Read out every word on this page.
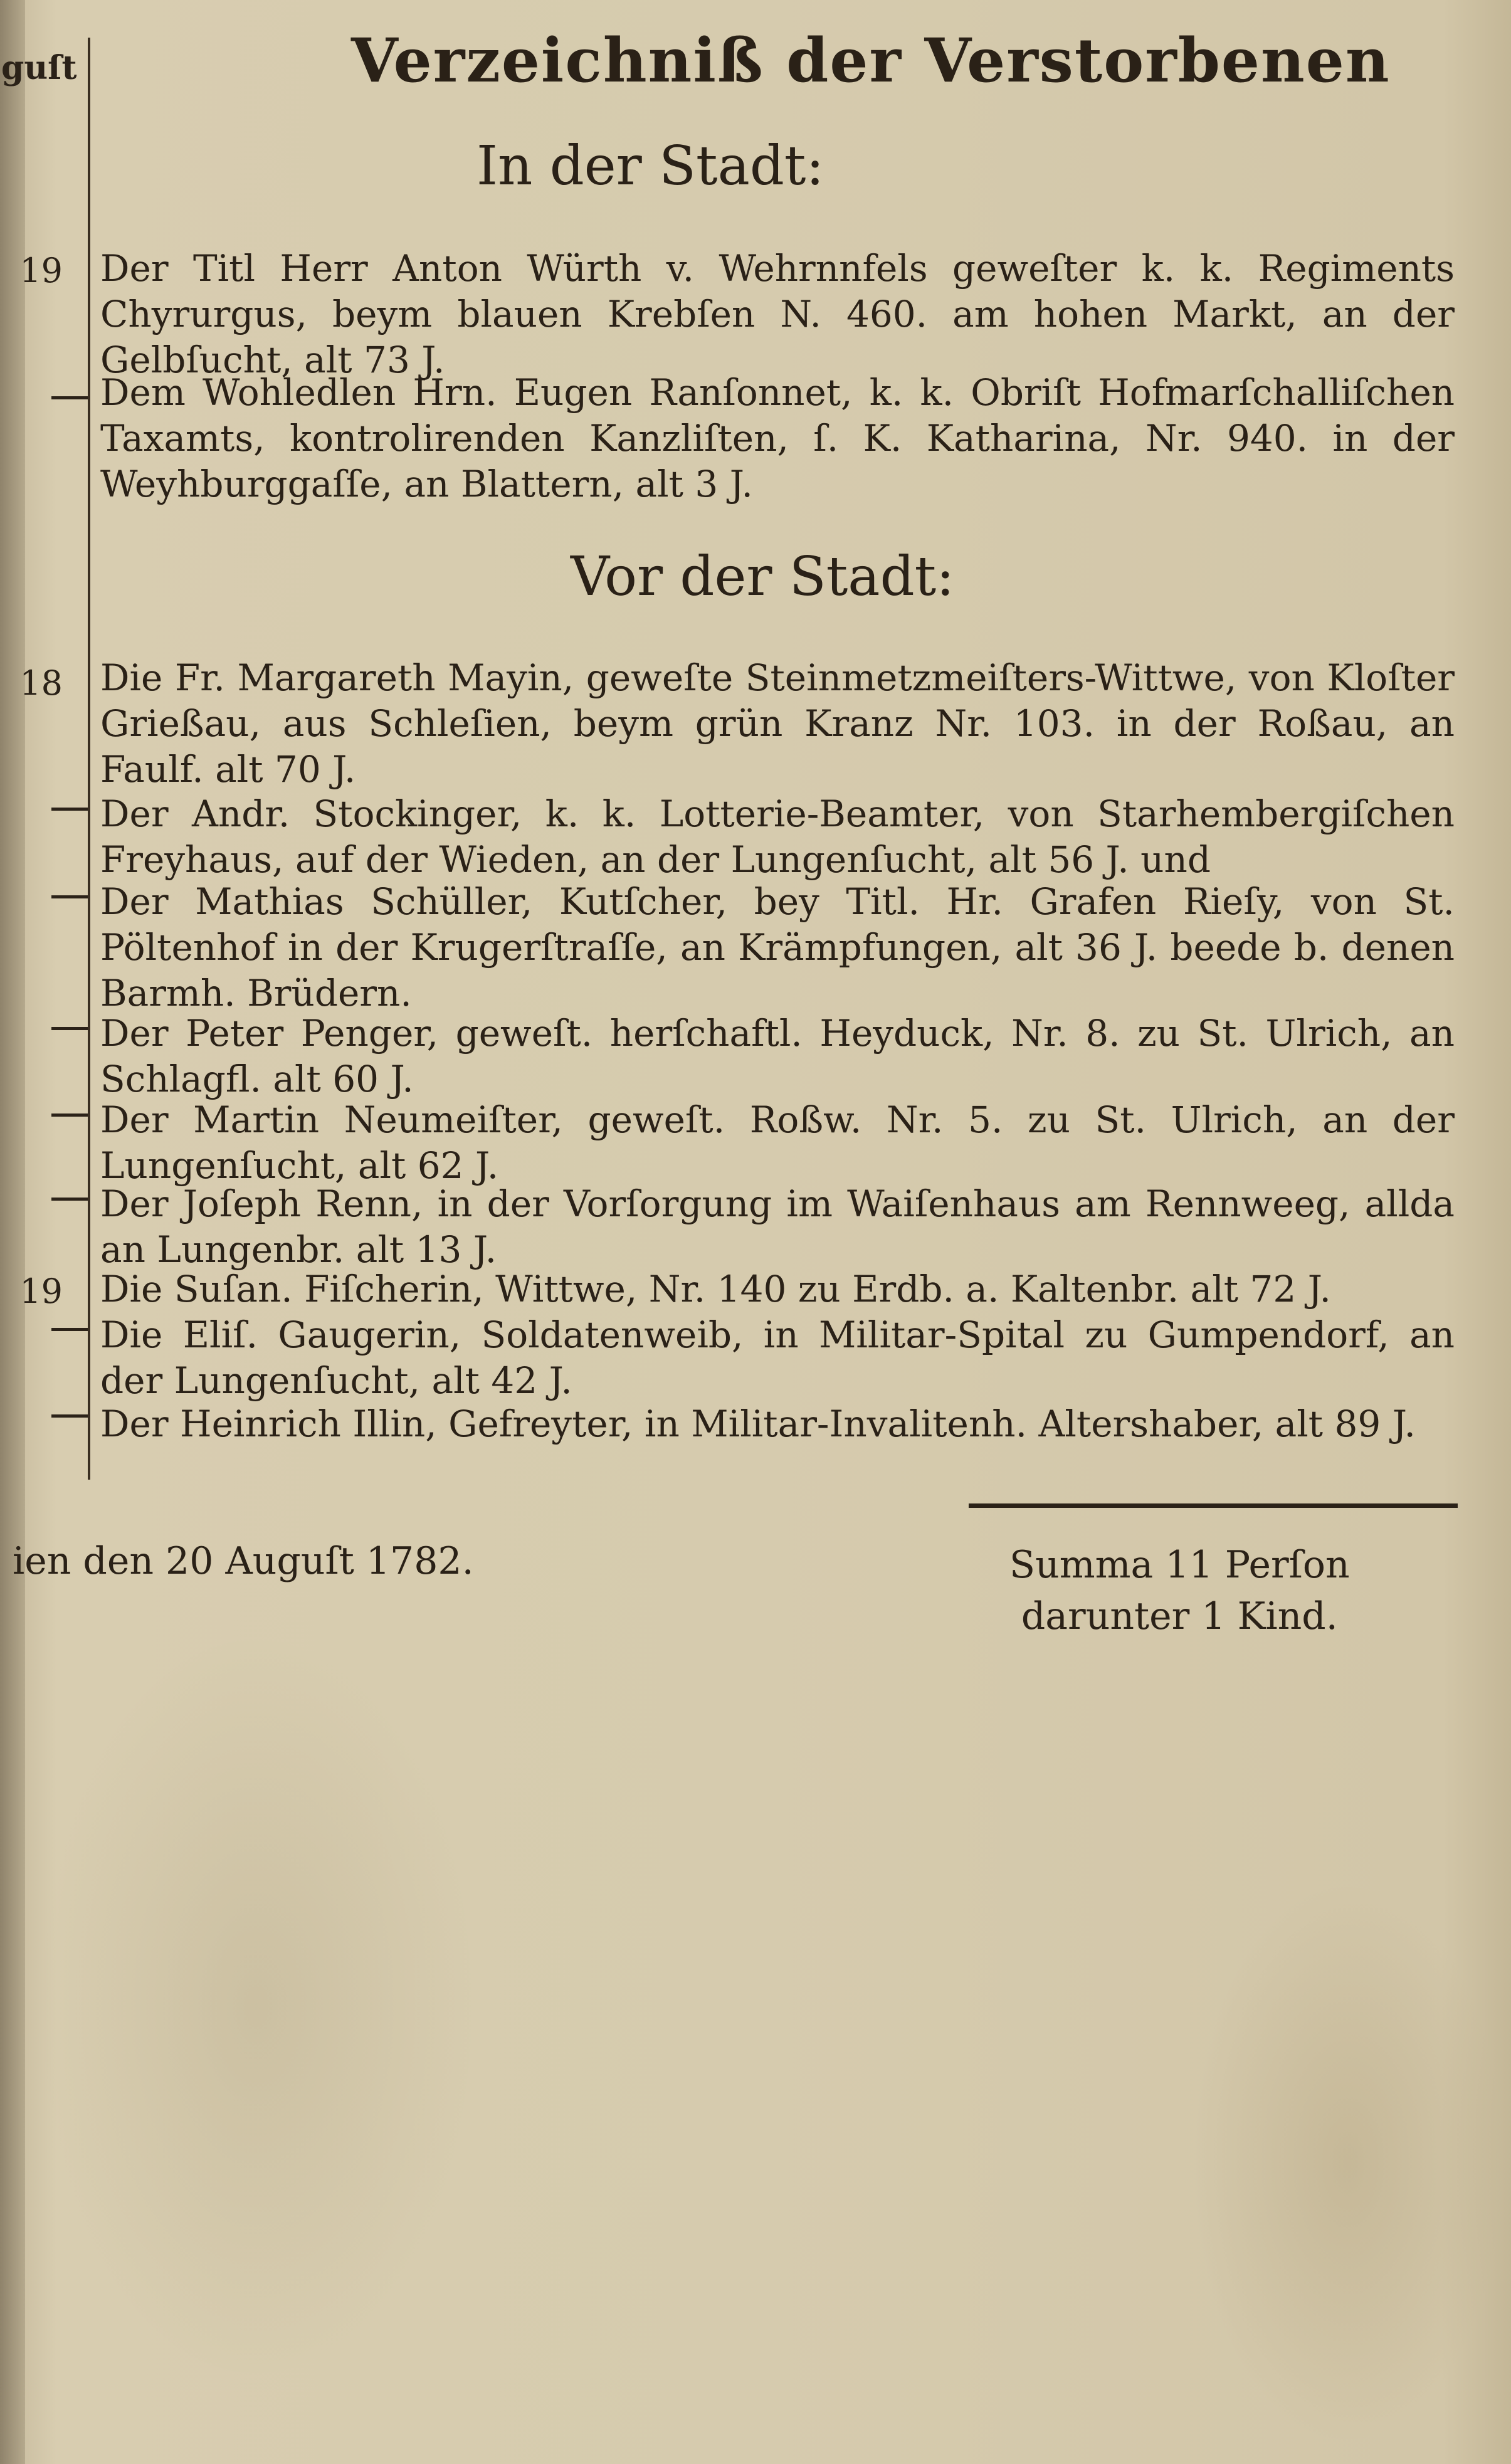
guſt	Verzeichniß der Verstorbenen
In der Stadt:
19 Der Titl Herr Anton Würth v. Wehrnnfels geweſter k. k. Regiments Chyrurgus, beym blauen Krebſen N. 460. am hohen Markt, an der Gelbſucht, alt 73 J.
Dem Wohledlen Hrn. Eugen Ranſonnet, k. k. Obriſt Hofmarſchalliſchen Taxamts, kontrolirenden Kanzliſten, ſ. K. Katharina, Nr. 940. in der Weyhburggaſſe, an Blattern, alt 3 J.
Vor der Stadt:
18 Die Fr. Margareth Mayin, geweſte Steinmetzmeiſters-Wittwe, von Kloſter Grießau, aus Schleſien, beym grün Kranz Nr. 103. in der Roßau, an Faulf. alt 70 J.
Der Andr. Stockinger, k. k. Lotterie-Beamter, von Starhembergiſchen Freyhaus, auf der Wieden, an der Lungenſucht, alt 56 J. und
Der Mathias Schüller, Kutſcher, bey Titl. Hr. Grafen Rieſy, von St. Pöltenhof in der Krugerſtraſſe, an Krämpfungen, alt 36 J. beede b. denen Barmh. Brüdern.
Der Peter Penger, geweſt. herſchaftl. Heyduck, Nr. 8. zu St. Ulrich, an Schlagfl. alt 60 J.
Der Martin Neumeiſter, geweſt. Roßw. Nr. 5. zu St. Ulrich, an der Lungenſucht, alt 62 J.
Der Joſeph Renn, in der Vorſorgung im Waiſenhaus am Rennweeg, allda an Lungenbr. alt 13 J.
19 Die Suſan. Fiſcherin, Wittwe, Nr. 140 zu Erdb. a. Kaltenbr. alt 72 J.
Die Eliſ. Gaugerin, Soldatenweib, in Militar-Spital zu Gumpendorf, an der Lungenſucht, alt 42 J.
Der Heinrich Illin, Gefreyter, in Militar-Invalitenh. Altershaber, alt 89 J.
ien den 20 Auguſt 1782.	Summa 11 Perſon
darunter 1 Kind.
